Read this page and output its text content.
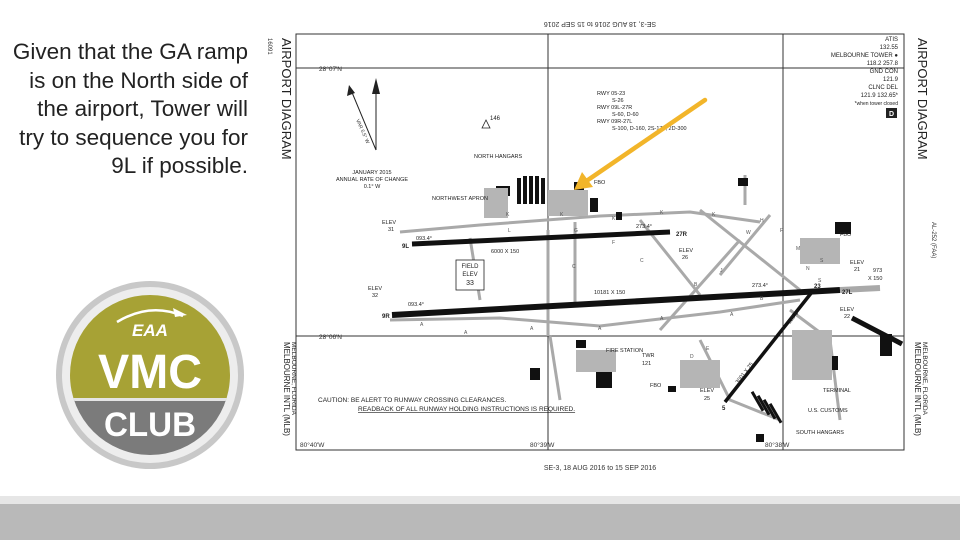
Given that the GA ramp is on the North side of the airport, Tower will try to sequence you for 9L if possible.
EAA
VMC
CLUB
SE-3, 18 AUG 2016 to 15 SEP 2016
SE-3, 18 AUG 2016 to 15 SEP 2016
AIRPORT DIAGRAM
16091	AIRPORT DIAGRAM
AL-252 (FAA)
MELBOURNE INTL (MLB) MELBOURNE, FLORIDA	MELBOURNE INTL (MLB) MELBOURNE, FLORIDA
28°07'N
28°06'N
80°40'W	80°39'W	80°38'W
ATIS
132.55
MELBOURNE TOWER ●
118.2 257.8
GND CON
121.9
CLNC DEL
121.9 132.65*
*when tower closed
D
VAR 6.5° W
JANUARY 2015
ANNUAL RATE OF CHANGE
0.1° W
RWY 05-23
S-26
RWY 09L-27R
S-60, D-60
RWY 09R-27L
S-100, D-160, 2S-175, 2D-300
146
NORTH HANGARS
NORTHWEST APRON
FBO
FBO
FBO
FIRE STATION
TWR
121
TERMINAL
U.S. CUSTOMS
SOUTH HANGARS
6000 X 150
10181 X 150
093.4°
273.4°
093.4°
273.4°
ELEV
31
ELEV
32
ELEV
26
ELEV
21
ELEV
22
ELEV
25
973
X 150
9L
27R
9R
27L
5
23
3001 X 75
228.6°
FIELD
ELEV
33
K	K
K
K	K
C
C
D
E
A
A
A	A
A
A
B
B
G
L	P
M
N
S
S
H
W
J
F
CAUTION: BE ALERT TO RUNWAY CROSSING CLEARANCES.
READBACK OF ALL RUNWAY HOLDING INSTRUCTIONS IS REQUIRED.
